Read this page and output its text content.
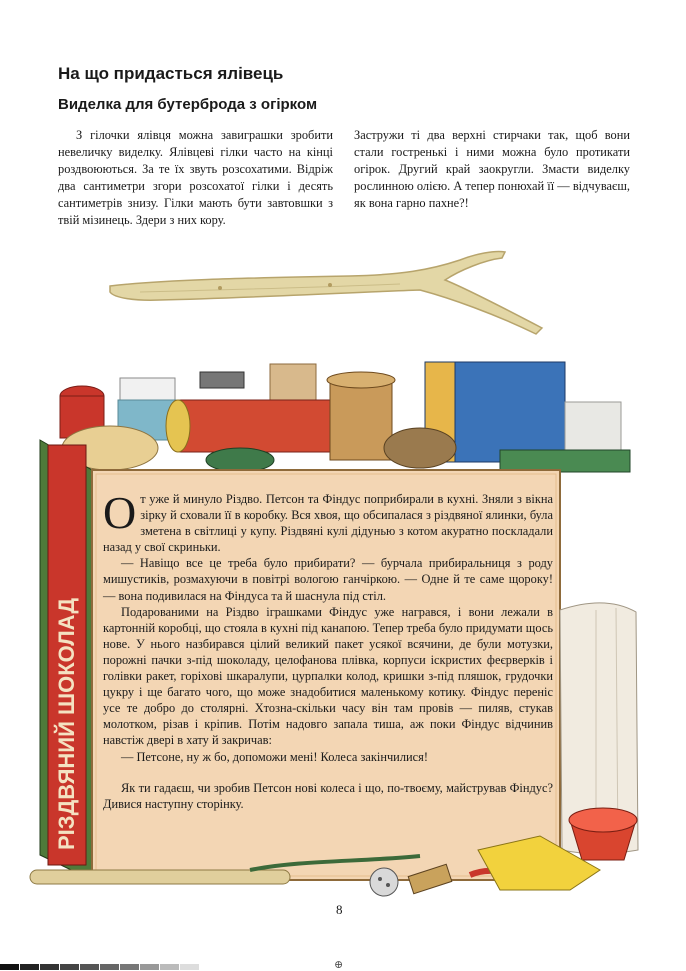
На що придасться ялівець
Виделка для бутерброда з огірком
З гілочки ялівця можна завиграшки зробити невеличку виделку. Ялівцеві гілки часто на кінці роздвоюються. За те їх звуть розсохатими. Відріж два сантиметри згори розсохатої гілки і десять сантиметрів знизу. Гілки мають бути завтовшки з твій мізинець. Здери з них кору.
Застружи ті два верхні стирчаки так, щоб вони стали гостренькі і ними можна було протикати огірок. Другий край заокругли. Змасти виделку рослинною олією. А тепер понюхай її — відчуваєш, як вона гарно пахне?!
РІЗДВЯНИЙ ШОКОЛАД

От уже й минуло Різдво. Петсон та Фіндус поприбирали в кухні. Зняли з вікна зірку й сховали її в коробку. Вся хвоя, що обсипалася з різдвяної ялинки, була зметена в світлиці у купу. Різдвяні кулі дідунью з котом акуратно поскладали назад у свої скриньки.

— Навіщо все це треба було прибирати? — бурчала прибиральниця з роду мишустиків, розмахуючи в повітрі вологою ганчіркою. — Одне й те саме щороку! — вона подивилася на Фіндуса та й шаснула під стіл.

Подарованими на Різдво іграшками Фіндус уже награвся, і вони лежали в картонній коробці, що стояла в кухні під канапою. Тепер треба було придумати щось нове. У нього назбирався цілий великий пакет усякої всячини, де були мотузки, порожні пачки з-під шоколаду, целофанова плівка, корпуси іскристих феєрверків і голівки ракет, горіхові шкаралупи, цурпалки колод, кришки з-під пляшок, грудочки цукру і ще багато чого, що може знадобитися маленькому котику. Фіндус переніс усе те добро до столярні. Хтозна-скільки часу він там провів — пиляв, стукав молотком, різав і кріпив. Потім надовго запала тиша, аж поки Фіндус відчинив навстіж двері в хату й закричав:

— Петсоне, ну ж бо, допоможи мені! Колеса закінчилися!

Як ти гадаєш, чи зробив Петсон нові колеса і що, по-твоєму, майстрував Фіндус? Дивися наступну сторінку.

8
⊕
